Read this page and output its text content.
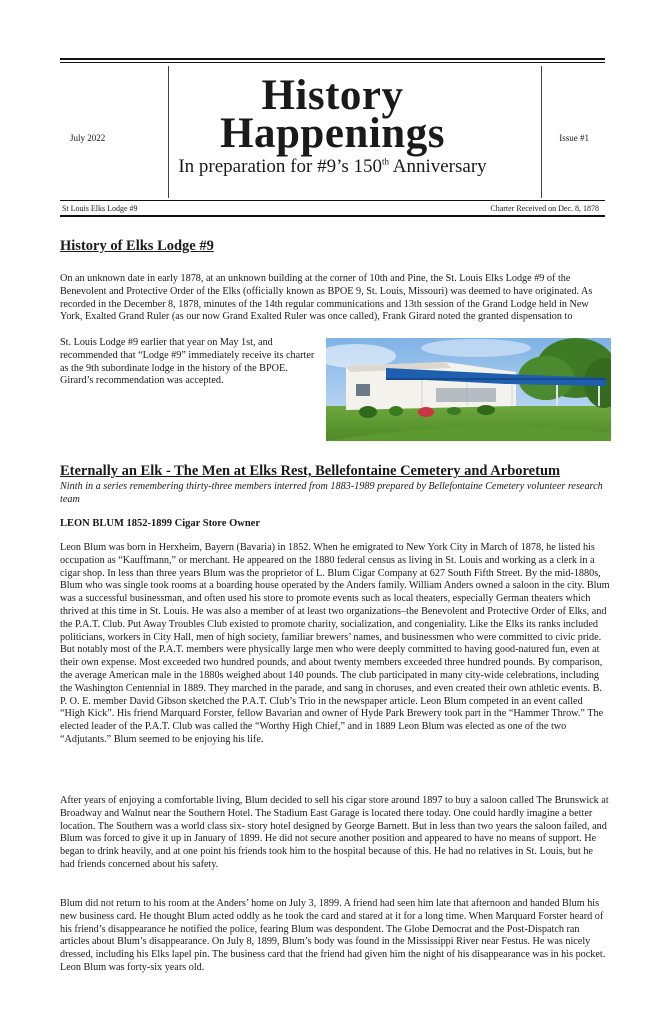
July 2022	Issue #1
History
Happenings
In preparation for #9’s 150th Anniversary
St Louis Elks Lodge #9	Charter Received on Dec. 8, 1878
History of Elks Lodge #9
On an unknown date in early 1878, at an unknown building at the corner of 10th and Pine, the St. Louis Elks Lodge #9 of the Benevolent and Protective Order of the Elks (officially known as BPOE 9, St. Louis, Missouri) was deemed to have originated. As recorded in the December 8, 1878, minutes of the 14th regular communications and 13th session of the Grand Lodge held in New York, Exalted Grand Ruler (as our now Grand Exalted Ruler was once called), Frank Girard noted the granted dispensation to
St. Louis Lodge #9 earlier that year on May 1st, and recommended that “Lodge #9” immediately receive its charter as the 9th subordinate lodge in the history of the BPOE. Girard’s recommendation was accepted.
Eternally an Elk - The Men at Elks Rest, Bellefontaine Cemetery and Arboretum
Ninth in a series remembering thirty-three members interred from 1883-1989 prepared by Bellefontaine Cemetery volunteer research team
LEON BLUM 1852-1899 Cigar Store Owner
Leon Blum was born in Herxheim, Bayern (Bavaria) in 1852. When he emigrated to New York City in March of 1878, he listed his occupation as “Kauffmann,” or merchant. He appeared on the 1880 federal census as living in St. Louis and working as a clerk in a cigar shop. In less than three years Blum was the proprietor of L. Blum Cigar Company at 627 South Fifth Street. By the mid-1880s, Blum who was single took rooms at a boarding house operated by the Anders family. William Anders owned a saloon in the city. Blum was a successful businessman, and often used his store to promote events such as local theaters, especially German theaters which thrived at this time in St. Louis. He was also a member of at least two organizations–the Benevolent and Protective Order of Elks, and the P.A.T. Club. Put Away Troubles Club existed to promote charity, socialization, and congeniality. Like the Elks its ranks included politicians, workers in City Hall, men of high society, familiar brewers’ names, and businessmen who were committed to civic pride. But notably most of the P.A.T. members were physically large men who were deeply committed to having good-natured fun, even at their own expense. Most exceeded two hundred pounds, and about twenty members exceeded three hundred pounds. By comparison, the average American male in the 1880s weighed about 140 pounds. The club participated in many city-wide celebrations, including the Washington Centennial in 1889. They marched in the parade, and sang in choruses, and even created their own athletic events. B. P. O. E. member David Gibson sketched the P.A.T. Club’s Trio in the newspaper article. Leon Blum competed in an event called “High Kick”. His friend Marquard Forster, fellow Bavarian and owner of Hyde Park Brewery took part in the “Hammer Throw.” The elected leader of the P.A.T. Club was called the “Worthy High Chief,” and in 1889 Leon Blum was elected as one of the two “Adjutants.” Blum seemed to be enjoying his life.
After years of enjoying a comfortable living, Blum decided to sell his cigar store around 1897 to buy a saloon called The Brunswick at Broadway and Walnut near the Southern Hotel. The Stadium East Garage is located there today. One could hardly imagine a better location. The Southern was a world class six- story hotel designed by George Barnett. But in less than two years the saloon failed, and Blum was forced to give it up in January of 1899. He did not secure another position and appeared to have no means of support. He began to drink heavily, and at one point his friends took him to the hospital because of this. He had no relatives in St. Louis, but he had friends concerned about his safety.
Blum did not return to his room at the Anders’ home on July 3, 1899. A friend had seen him late that afternoon and handed Blum his new business card. He thought Blum acted oddly as he took the card and stared at it for a long time. When Marquard Forster heard of his friend’s disappearance he notified the police, fearing Blum was despondent. The Globe Democrat and the Post-Dispatch ran articles about Blum’s disappearance. On July 8, 1899, Blum’s body was found in the Mississippi River near Festus. He was nicely dressed, including his Elks lapel pin. The business card that the friend had given him the night of his disappearance was in his pocket. Leon Blum was forty-six years old.
